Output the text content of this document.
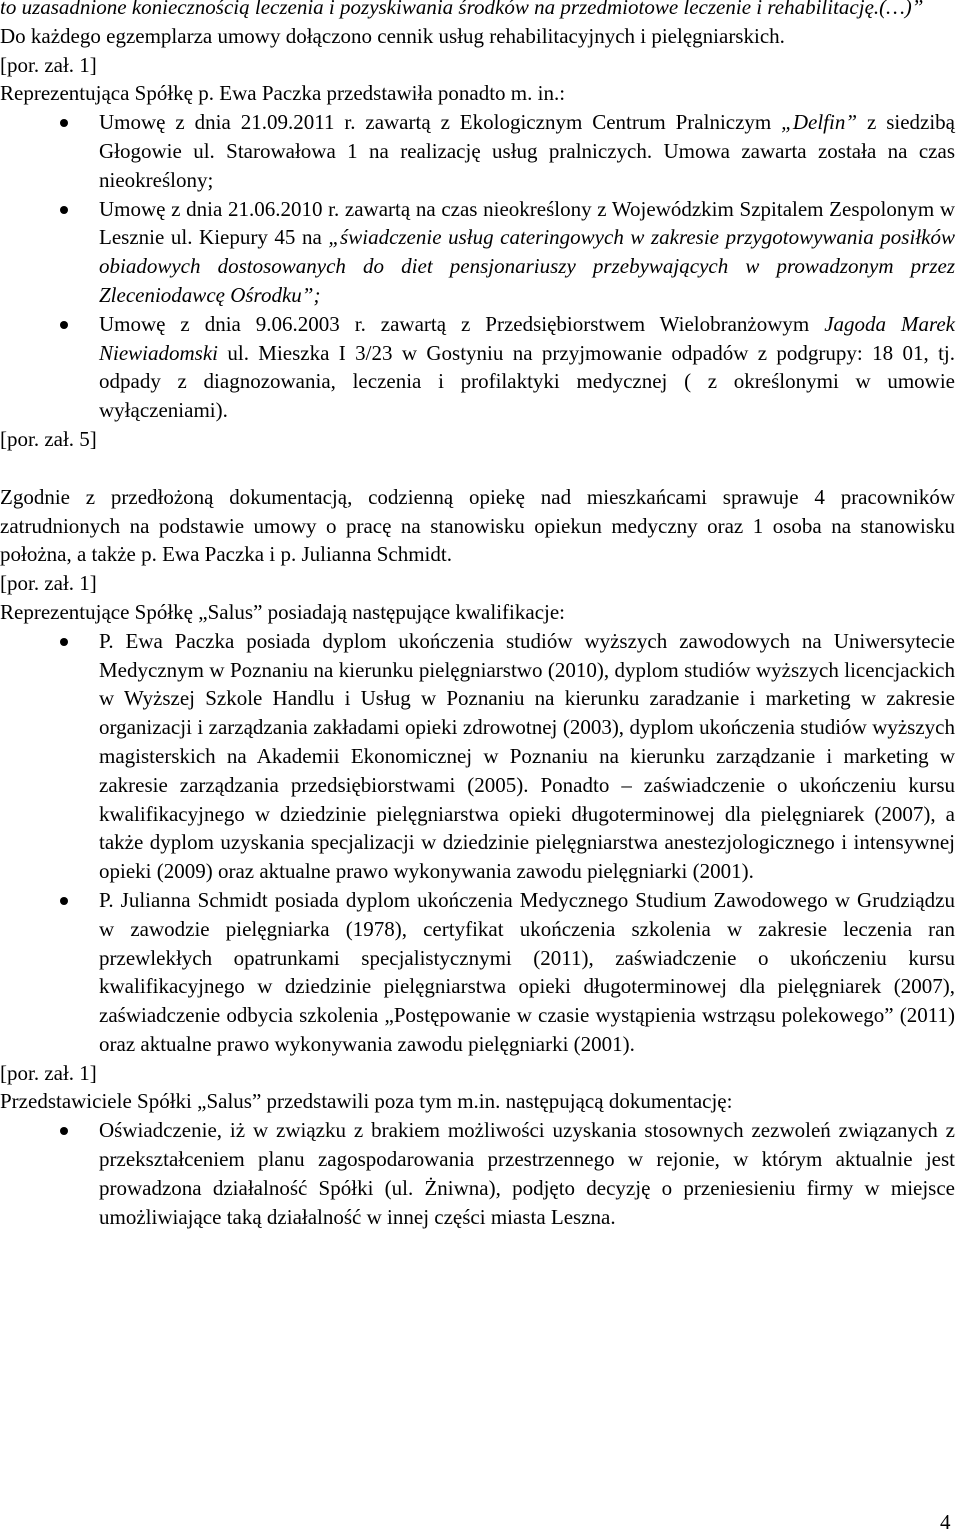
to uzasadnione koniecznością leczenia i pozyskiwania środków na przedmiotowe leczenie i rehabilitację.(…)”

Do każdego egzemplarza umowy dołączono cennik usług rehabilitacyjnych i pielęgniarskich.

[por. zał. 1]

Reprezentująca Spółkę p. Ewa Paczka przedstawiła ponadto m. in.:

Umowę z dnia 21.09.2011 r. zawartą z Ekologicznym Centrum Pralniczym „Delfin” z siedzibą Głogowie ul. Starowałowa 1 na realizację usług pralniczych. Umowa zawarta została na czas nieokreślony;
Umowę z dnia 21.06.2010 r. zawartą na czas nieokreślony z Wojewódzkim Szpitalem Zespolonym w Lesznie ul. Kiepury 45 na „świadczenie usług cateringowych w zakresie przygotowywania posiłków obiadowych dostosowanych do diet pensjonariuszy przebywających w prowadzonym przez Zleceniodawcę Ośrodku”;
Umowę z dnia 9.06.2003 r. zawartą z Przedsiębiorstwem Wielobranżowym Jagoda Marek Niewiadomski ul. Mieszka I 3/23 w Gostyniu na przyjmowanie odpadów z podgrupy: 18 01, tj. odpady z diagnozowania, leczenia i profilaktyki medycznej ( z określonymi w umowie wyłączeniami).

[por. zał. 5]

Zgodnie z przedłożoną dokumentacją, codzienną opiekę nad mieszkańcami sprawuje 4 pracowników zatrudnionych na podstawie umowy o pracę na stanowisku opiekun medyczny oraz 1 osoba na stanowisku położna, a także p. Ewa Paczka i p. Julianna Schmidt.

[por. zał. 1]

Reprezentujące Spółkę „Salus” posiadają następujące kwalifikacje:

P. Ewa Paczka posiada dyplom ukończenia studiów wyższych zawodowych na Uniwersytecie Medycznym w Poznaniu na kierunku pielęgniarstwo (2010), dyplom studiów wyższych licencjackich w Wyższej Szkole Handlu i Usług w Poznaniu na kierunku zaradzanie i marketing w zakresie organizacji i zarządzania zakładami opieki zdrowotnej (2003), dyplom ukończenia studiów wyższych magisterskich na Akademii Ekonomicznej w Poznaniu na kierunku zarządzanie i marketing w zakresie zarządzania przedsiębiorstwami (2005). Ponadto – zaświadczenie o ukończeniu kursu kwalifikacyjnego w dziedzinie pielęgniarstwa opieki długoterminowej dla pielęgniarek (2007), a także dyplom uzyskania specjalizacji w dziedzinie pielęgniarstwa anestezjologicznego i intensywnej opieki (2009) oraz aktualne prawo wykonywania zawodu pielęgniarki (2001).
P. Julianna Schmidt posiada dyplom ukończenia Medycznego Studium Zawodowego w Grudziądzu w zawodzie pielęgniarka (1978), certyfikat ukończenia szkolenia w zakresie leczenia ran przewlekłych opatrunkami specjalistycznymi (2011), zaświadczenie o ukończeniu kursu kwalifikacyjnego w dziedzinie pielęgniarstwa opieki długoterminowej dla pielęgniarek (2007), zaświadczenie odbycia szkolenia „Postępowanie w czasie wystąpienia wstrząsu polekowego” (2011) oraz aktualne prawo wykonywania zawodu pielęgniarki (2001).

[por. zał. 1]

Przedstawiciele Spółki „Salus” przedstawili poza tym m.in. następującą dokumentację:

Oświadczenie, iż w związku z brakiem możliwości uzyskania stosownych zezwoleń związanych z przekształceniem planu zagospodarowania przestrzennego w rejonie, w którym aktualnie jest prowadzona działalność Spółki (ul. Żniwna), podjęto decyzję o przeniesieniu firmy w miejsce umożliwiające taką działalność w innej części miasta Leszna.
4
